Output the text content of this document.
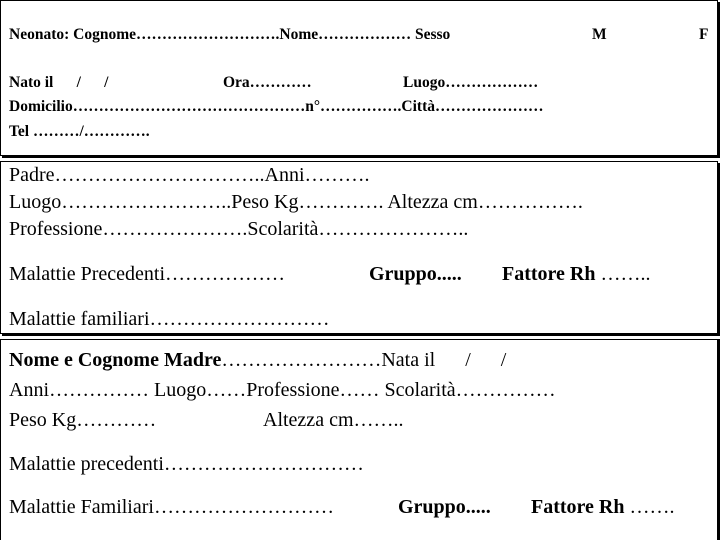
Neonato: Cognome……………………….Nome……………… Sesso	M	F
Nato il      /      /	Ora…………	Luogo………………
Domicilio………………………………………n°…………….Città…………………
Tel ………/………….
Padre…………………………..Anni……….
Luogo……………………..Peso Kg…………. Altezza cm…………….
Professione………………….Scolarità…………………..
Malattie Precedenti………………	Gruppo..... Fattore Rh ……..
Malattie familiari………………………
Nome e Cognome Madre……………………Nata il      /      /
Anni…………… Luogo……Professione…… Scolarità……………
Peso Kg…………	Altezza cm……..
Malattie precedenti…………………………
Malattie Familiari………………………	Gruppo..... Fattore Rh …….
